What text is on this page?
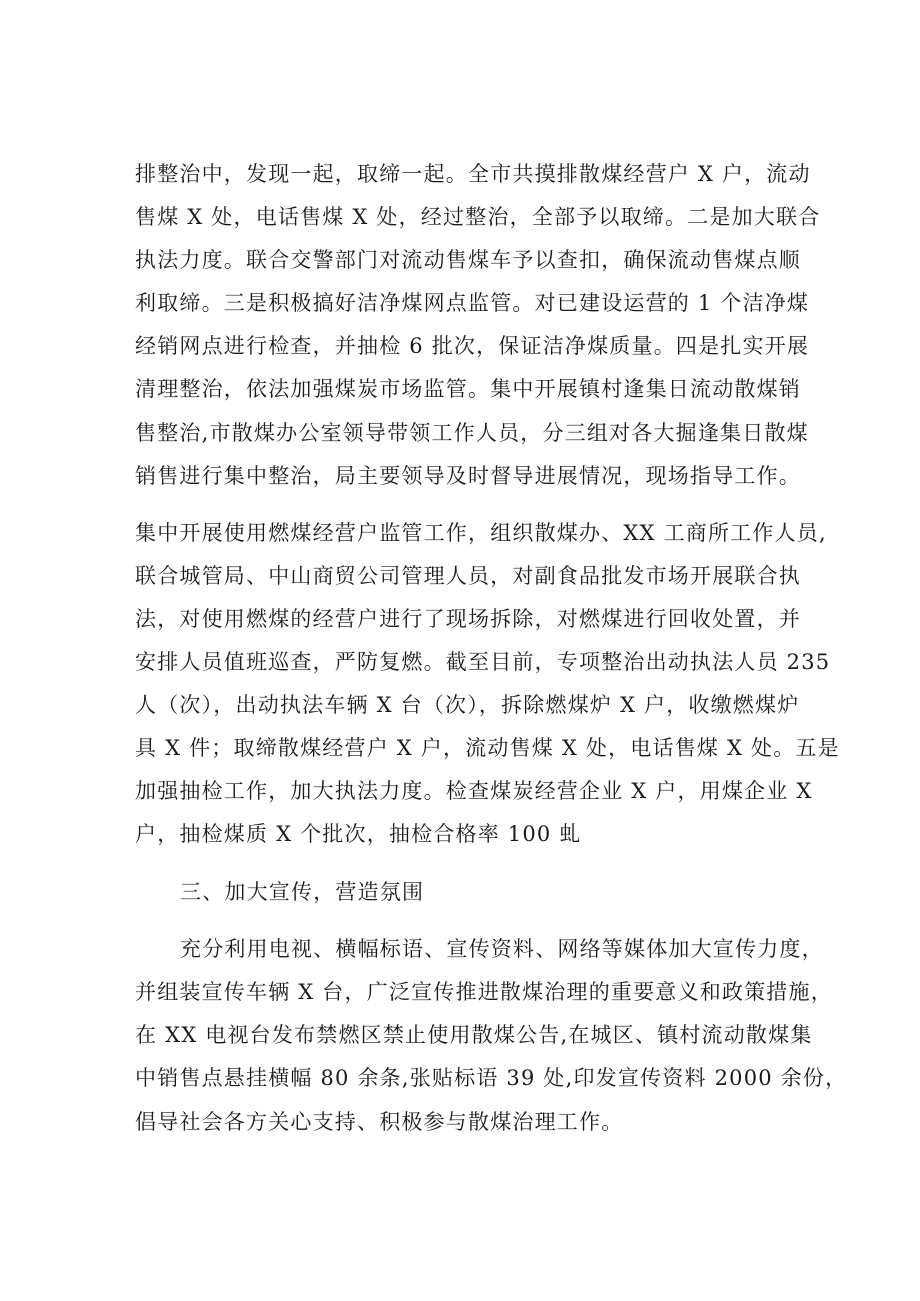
排整治中，发现一起，取缔一起。全市共摸排散煤经营户 X 户，流动
售煤 X 处，电话售煤 X 处，经过整治，全部予以取缔。二是加大联合
执法力度。联合交警部门对流动售煤车予以查扣，确保流动售煤点顺
利取缔。三是积极搞好洁净煤网点监管。对已建设运营的 1 个洁净煤
经销网点进行检查，并抽检 6 批次，保证洁净煤质量。四是扎实开展
清理整治，依法加强煤炭市场监管。集中开展镇村逢集日流动散煤销
售整治,市散煤办公室领导带领工作人员，分三组对各大掘逢集日散煤
销售进行集中整治，局主要领导及时督导进展情况，现场指导工作。
集中开展使用燃煤经营户监管工作，组织散煤办、XX 工商所工作人员,
联合城管局、中山商贸公司管理人员，对副食品批发市场开展联合执
法，对使用燃煤的经营户进行了现场拆除，对燃煤进行回收处置，并
安排人员值班巡查，严防复燃。截至目前，专项整治出动执法人员 235
人（次），出动执法车辆 X 台（次），拆除燃煤炉 X 户，收缴燃煤炉
具 X 件；取缔散煤经营户 X 户，流动售煤 X 处，电话售煤 X 处。五是
加强抽检工作，加大执法力度。检查煤炭经营企业 X 户，用煤企业 X
户，抽检煤质 X 个批次，抽检合格率 100 虬
三、加大宣传，营造氛围
充分利用电视、横幅标语、宣传资料、网络等媒体加大宣传力度，
并组装宣传车辆 X 台，广泛宣传推进散煤治理的重要意义和政策措施，
在 XX 电视台发布禁燃区禁止使用散煤公告,在城区、镇村流动散煤集
中销售点悬挂横幅 80 余条,张贴标语 39 处,印发宣传资料 2000 余份，
倡导社会各方关心支持、积极参与散煤治理工作。
